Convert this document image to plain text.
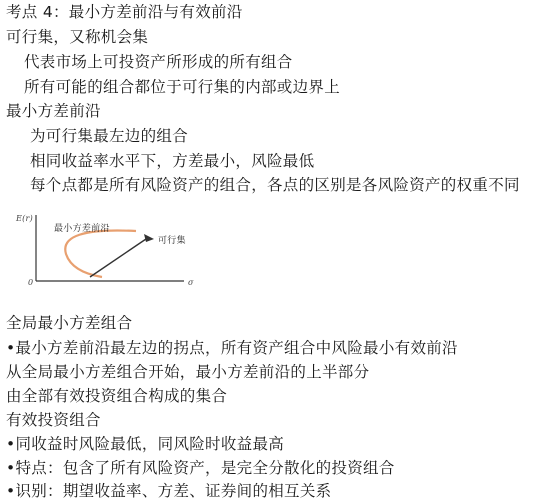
考点 4：最小方差前沿与有效前沿
可行集，又称机会集
代表市场上可投资产所形成的所有组合
所有可能的组合都位于可行集的内部或边界上
最小方差前沿
为可行集最左边的组合
相同收益率水平下，方差最小，风险最低
每个点都是所有风险资产的组合，各点的区别是各风险资产的权重不同
E(r)
σ
0
最小方差前沿
可行集
全局最小方差组合
•最小方差前沿最左边的拐点，所有资产组合中风险最小有效前沿
从全局最小方差组合开始，最小方差前沿的上半部分
由全部有效投资组合构成的集合
有效投资组合
•同收益时风险最低，同风险时收益最高
•特点：包含了所有风险资产，是完全分散化的投资组合
•识别：期望收益率、方差、证券间的相互关系
